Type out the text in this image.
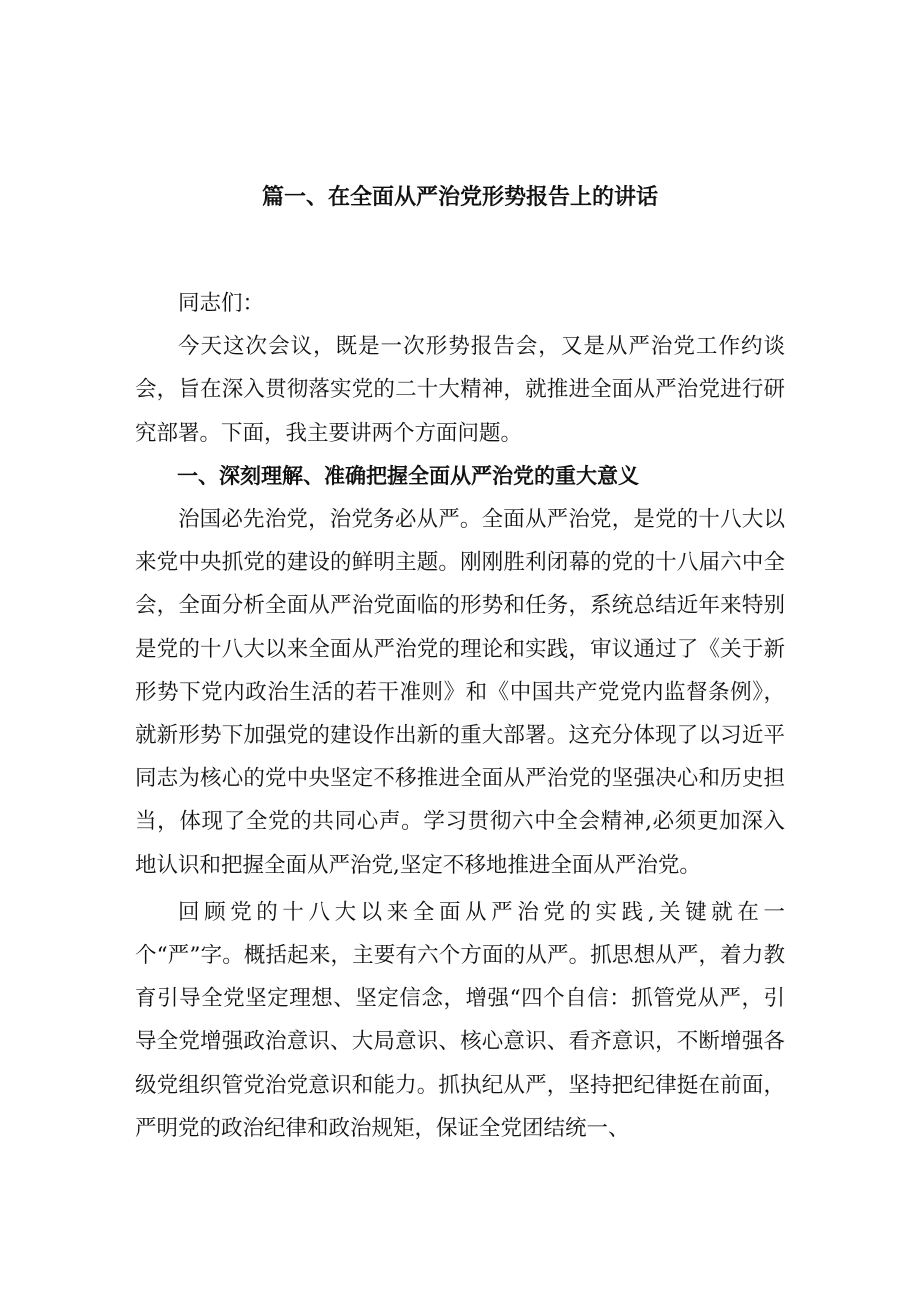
篇一、在全面从严治党形势报告上的讲话

同志们：

今天这次会议，既是一次形势报告会，又是从严治党工作约谈会，旨在深入贯彻落实党的二十大精神，就推进全面从严治党进行研究部署。下面，我主要讲两个方面问题。

一、深刻理解、准确把握全面从严治党的重大意义

治国必先治党，治党务必从严。全面从严治党，是党的十八大以来党中央抓党的建设的鲜明主题。刚刚胜利闭幕的党的十八届六中全会，全面分析全面从严治党面临的形势和任务，系统总结近年来特别是党的十八大以来全面从严治党的理论和实践，审议通过了《关于新形势下党内政治生活的若干准则》和《中国共产党党内监督条例》，就新形势下加强党的建设作出新的重大部署。这充分体现了以习近平同志为核心的党中央坚定不移推进全面从严治党的坚强决心和历史担当，体现了全党的共同心声。学习贯彻六中全会精神,必须更加深入地认识和把握全面从严治党,坚定不移地推进全面从严治党。

回顾党的十八大以来全面从严治党的实践,关键就在一个“严”字。概括起来，主要有六个方面的从严。抓思想从严，着力教育引导全党坚定理想、坚定信念，增强“四个自信：抓管党从严，引导全党增强政治意识、大局意识、核心意识、看齐意识，不断增强各级党组织管党治党意识和能力。抓执纪从严，坚持把纪律挺在前面，严明党的政治纪律和政治规矩，保证全党团结统一、
